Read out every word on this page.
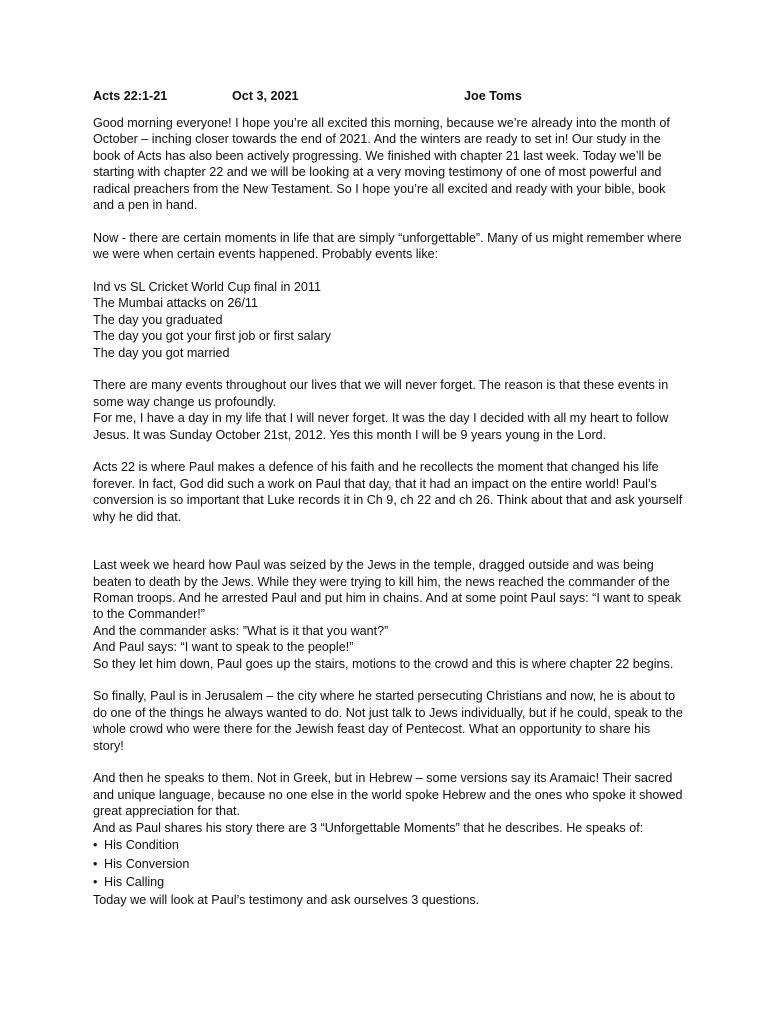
Acts 22:1-21	Oct 3, 2021	Joe Toms

Good morning everyone! I hope you’re all excited this morning, because we’re already into the month of October – inching closer towards the end of 2021. And the winters are ready to set in! Our study in the book of Acts has also been actively progressing. We finished with chapter 21 last week. Today we’ll be starting with chapter 22 and we will be looking at a very moving testimony of one of most powerful and radical preachers from the New Testament. So I hope you’re all excited and ready with your bible, book and a pen in hand.

Now - there are certain moments in life that are simply “unforgettable”. Many of us might remember where we were when certain events happened. Probably events like:

Ind vs SL Cricket World Cup final in 2011
The Mumbai attacks on 26/11
The day you graduated
The day you got your first job or first salary
The day you got married

There are many events throughout our lives that we will never forget. The reason is that these events in some way change us profoundly.
For me, I have a day in my life that I will never forget. It was the day I decided with all my heart to follow Jesus. It was Sunday October 21st, 2012. Yes this month I will be 9 years young in the Lord.

Acts 22 is where Paul makes a defence of his faith and he recollects the moment that changed his life forever. In fact, God did such a work on Paul that day, that it had an impact on the entire world! Paul’s conversion is so important that Luke records it in Ch 9, ch 22 and ch 26. Think about that and ask yourself why he did that.

Last week we heard how Paul was seized by the Jews in the temple, dragged outside and was being beaten to death by the Jews. While they were trying to kill him, the news reached the commander of the Roman troops. And he arrested Paul and put him in chains. And at some point Paul says: “I want to speak to the Commander!”
And the commander asks: ”What is it that you want?”
And Paul says: “I want to speak to the people!”
So they let him down, Paul goes up the stairs, motions to the crowd and this is where chapter 22 begins.

So finally, Paul is in Jerusalem – the city where he started persecuting Christians and now, he is about to do one of the things he always wanted to do. Not just talk to Jews individually, but if he could, speak to the whole crowd who were there for the Jewish feast day of Pentecost. What an opportunity to share his story!

And then he speaks to them. Not in Greek, but in Hebrew – some versions say its Aramaic! Their sacred and unique language, because no one else in the world spoke Hebrew and the ones who spoke it showed great appreciation for that.
And as Paul shares his story there are 3 “Unforgettable Moments” that he describes. He speaks of:

• His Condition
• His Conversion
• His Calling

Today we will look at Paul’s testimony and ask ourselves 3 questions.
